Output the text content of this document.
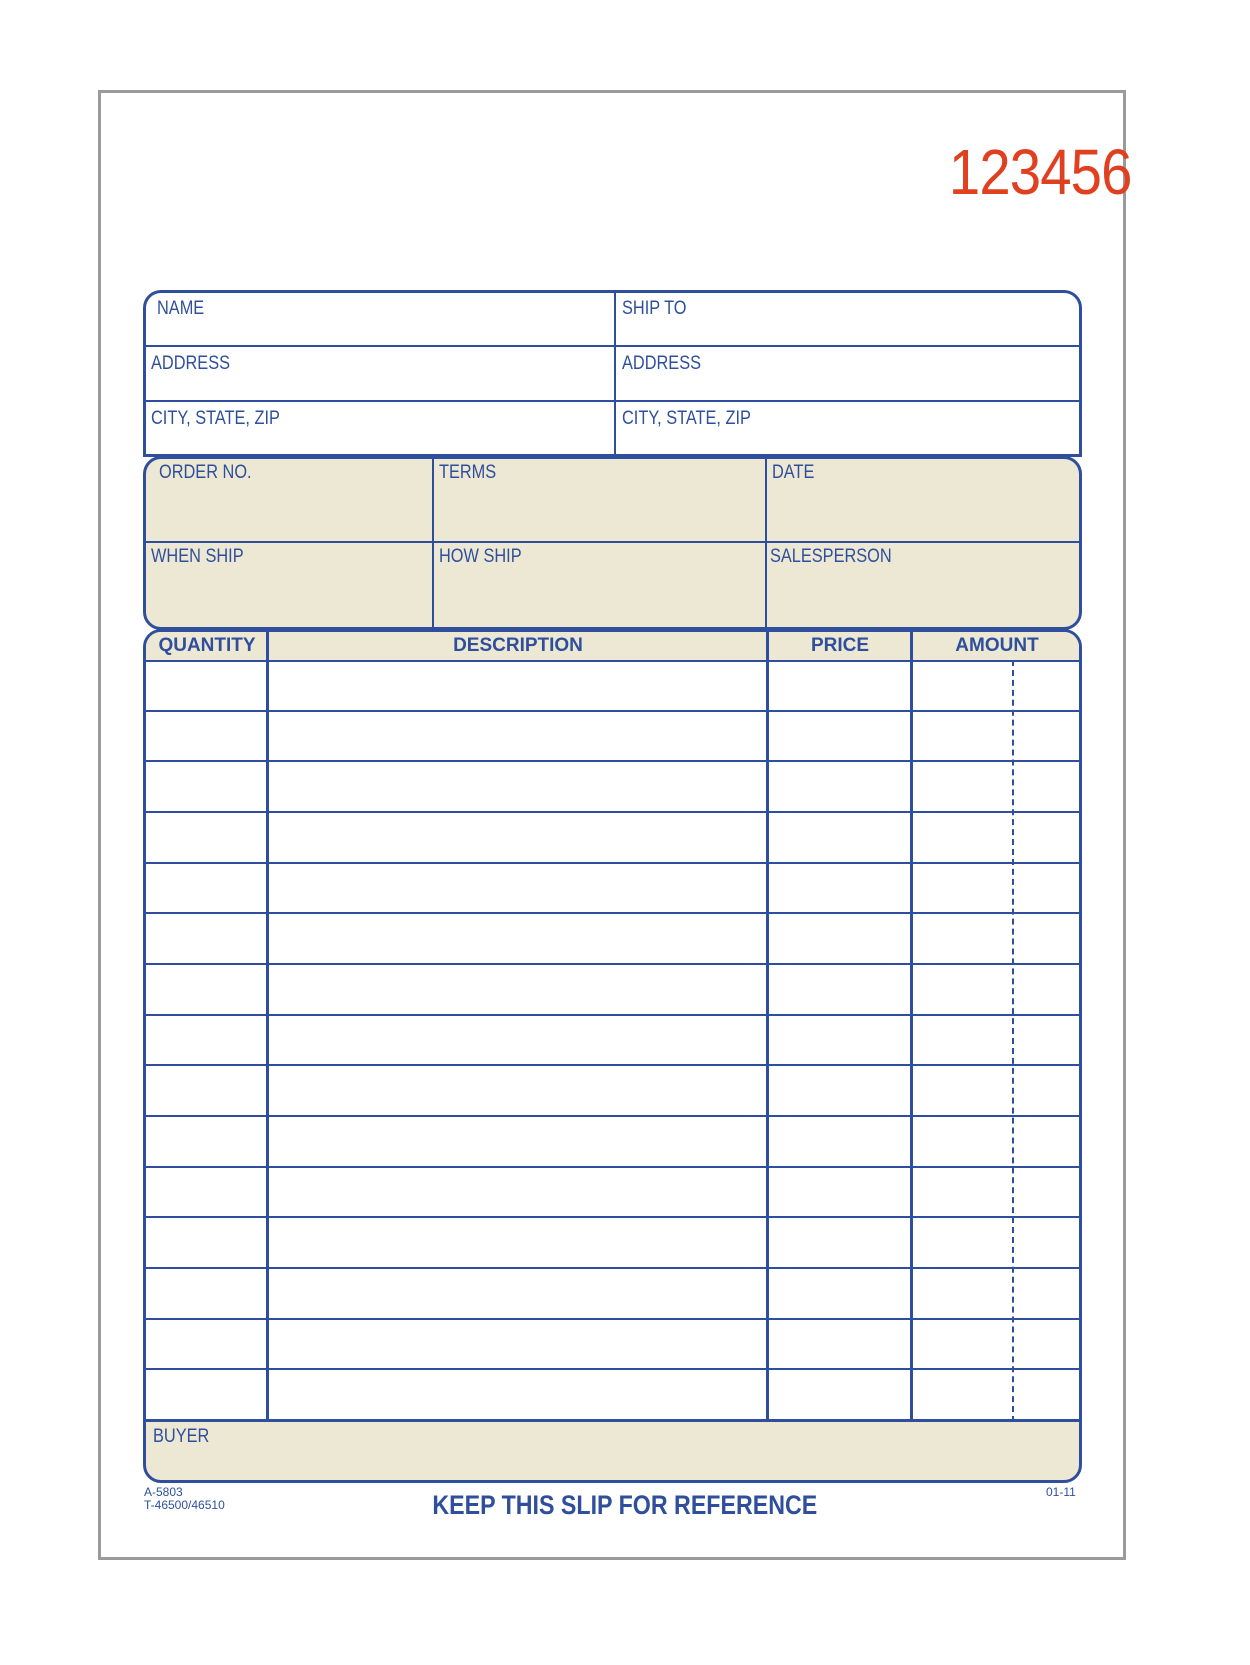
123456
NAME	SHIP TO
ADDRESS	ADDRESS
CITY, STATE, ZIP	CITY, STATE, ZIP
ORDER NO.	TERMS	DATE
WHEN SHIP	HOW SHIP	SALESPERSON
QUANTITY	DESCRIPTION	PRICE	AMOUNT
BUYER
A-5803
T-46500/46510	KEEP THIS SLIP FOR REFERENCE	01-11
